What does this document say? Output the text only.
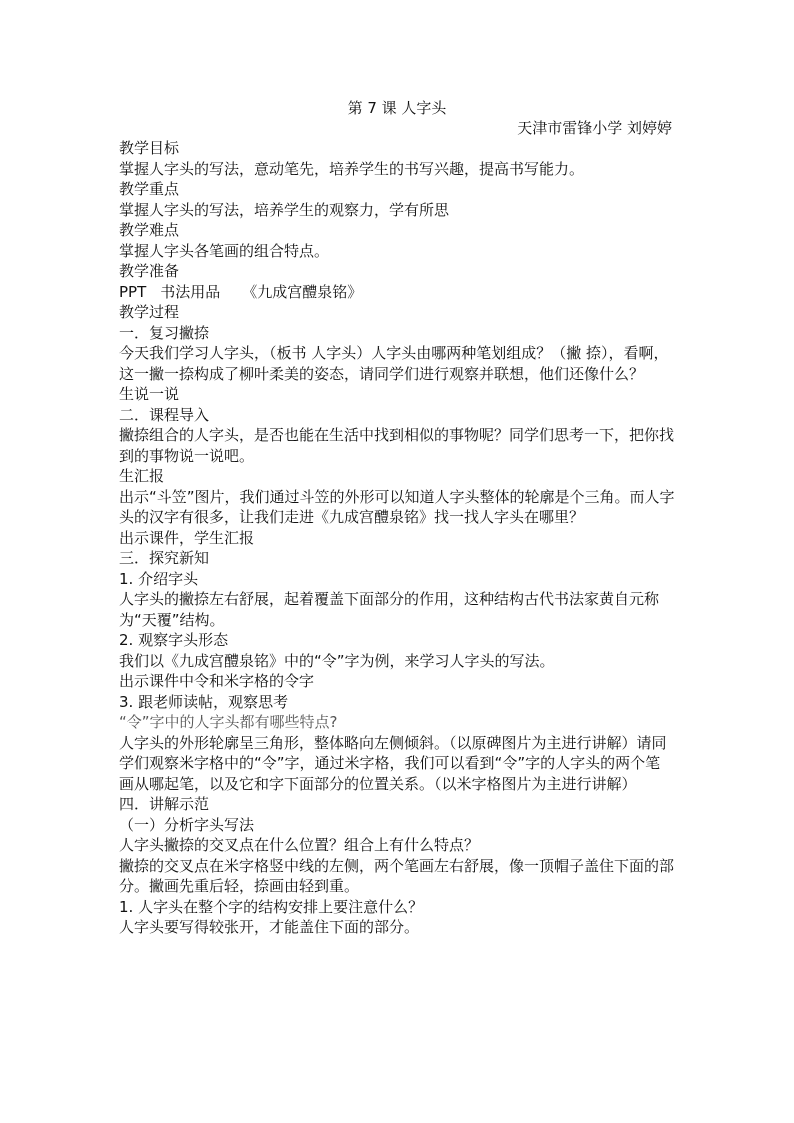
第 7 课 人字头
天津市雷锋小学 刘婷婷

教学目标

掌握人字头的写法，意动笔先，培养学生的书写兴趣，提高书写能力。

教学重点

掌握人字头的写法，培养学生的观察力，学有所思

教学难点

掌握人字头各笔画的组合特点。

教学准备

PPT 书法用品 《九成宫醴泉铭》

教学过程

一．复习撇捺

今天我们学习人字头，（板书 人字头）人字头由哪两种笔划组成？（撇 捺），看啊，这一撇一捺构成了柳叶柔美的姿态，请同学们进行观察并联想，他们还像什么？

生说一说

二．课程导入

撇捺组合的人字头，是否也能在生活中找到相似的事物呢？同学们思考一下，把你找到的事物说一说吧。

生汇报

出示“斗笠”图片，我们通过斗笠的外形可以知道人字头整体的轮廓是个三角。而人字头的汉字有很多，让我们走进《九成宫醴泉铭》找一找人字头在哪里？

出示课件，学生汇报

三．探究新知

1. 介绍字头

人字头的撇捺左右舒展，起着覆盖下面部分的作用，这种结构古代书法家黄自元称为“天覆”结构。

2. 观察字头形态

我们以《九成宫醴泉铭》中的“令”字为例，来学习人字头的写法。

出示课件中令和米字格的令字

3. 跟老师读帖，观察思考

“令”字中的人字头都有哪些特点?

人字头的外形轮廓呈三角形，整体略向左侧倾斜。（以原碑图片为主进行讲解）请同学们观察米字格中的“令”字，通过米字格，我们可以看到“令”字的人字头的两个笔画从哪起笔，以及它和字下面部分的位置关系。（以米字格图片为主进行讲解）

四．讲解示范

（一）分析字头写法

人字头撇捺的交叉点在什么位置？组合上有什么特点？

撇捺的交叉点在米字格竖中线的左侧，两个笔画左右舒展，像一顶帽子盖住下面的部分。撇画先重后轻，捺画由轻到重。

1. 人字头在整个字的结构安排上要注意什么？

人字头要写得较张开，才能盖住下面的部分。
